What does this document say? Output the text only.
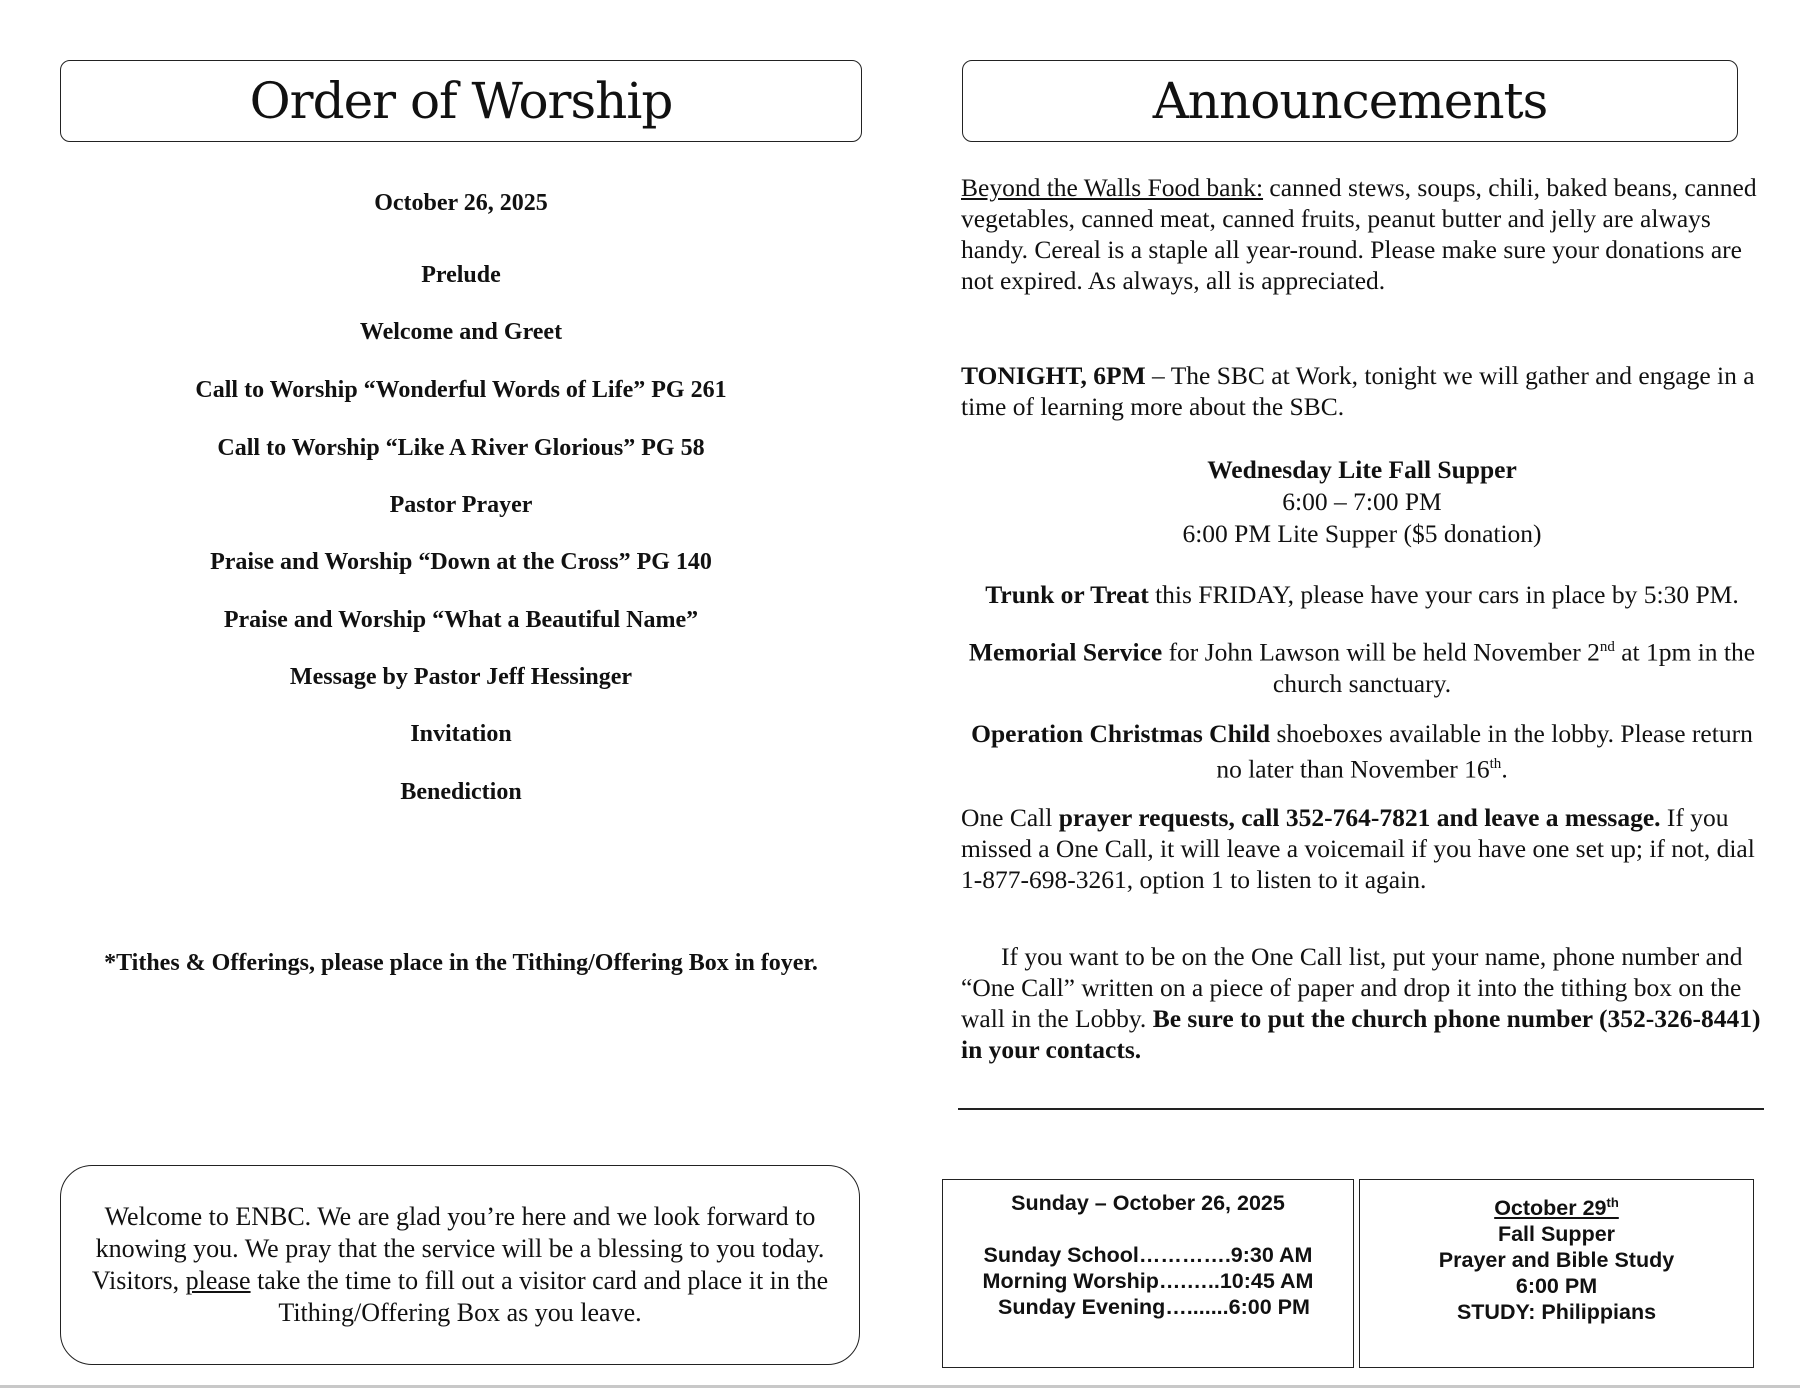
Order of Worship
October 26, 2025
Prelude
Welcome and Greet
Call to Worship “Wonderful Words of Life” PG 261
Call to Worship “Like A River Glorious” PG 58
Pastor Prayer
Praise and Worship “Down at the Cross” PG 140
Praise and Worship “What a Beautiful Name”
Message by Pastor Jeff Hessinger
Invitation
Benediction
*Tithes & Offerings, please place in the Tithing/Offering Box in foyer.
Welcome to ENBC. We are glad you’re here and we look forward to knowing you. We pray that the service will be a blessing to you today. Visitors, please take the time to fill out a visitor card and place it in the Tithing/Offering Box as you leave.
Announcements
Beyond the Walls Food bank: canned stews, soups, chili, baked beans, canned vegetables, canned meat, canned fruits, peanut butter and jelly are always handy. Cereal is a staple all year-round. Please make sure your donations are not expired. As always, all is appreciated.
TONIGHT, 6PM – The SBC at Work, tonight we will gather and engage in a time of learning more about the SBC.
Wednesday Lite Fall Supper
6:00 – 7:00 PM
6:00 PM Lite Supper ($5 donation)
Trunk or Treat this FRIDAY, please have your cars in place by 5:30 PM.
Memorial Service for John Lawson will be held November 2nd at 1pm in the church sanctuary.
Operation Christmas Child shoeboxes available in the lobby. Please return no later than November 16th.
One Call prayer requests, call 352-764-7821 and leave a message. If you missed a One Call, it will leave a voicemail if you have one set up; if not, dial 1-877-698-3261, option 1 to listen to it again.
If you want to be on the One Call list, put your name, phone number and “One Call” written on a piece of paper and drop it into the tithing box on the wall in the Lobby. Be sure to put the church phone number (352-326-8441) in your contacts.
Sunday – October 26, 2025
Sunday School………….9:30 AM
Morning Worship….…..10:45 AM
Sunday Evening….......6:00 PM
October 29th
Fall Supper
Prayer and Bible Study
6:00 PM
STUDY: Philippians
